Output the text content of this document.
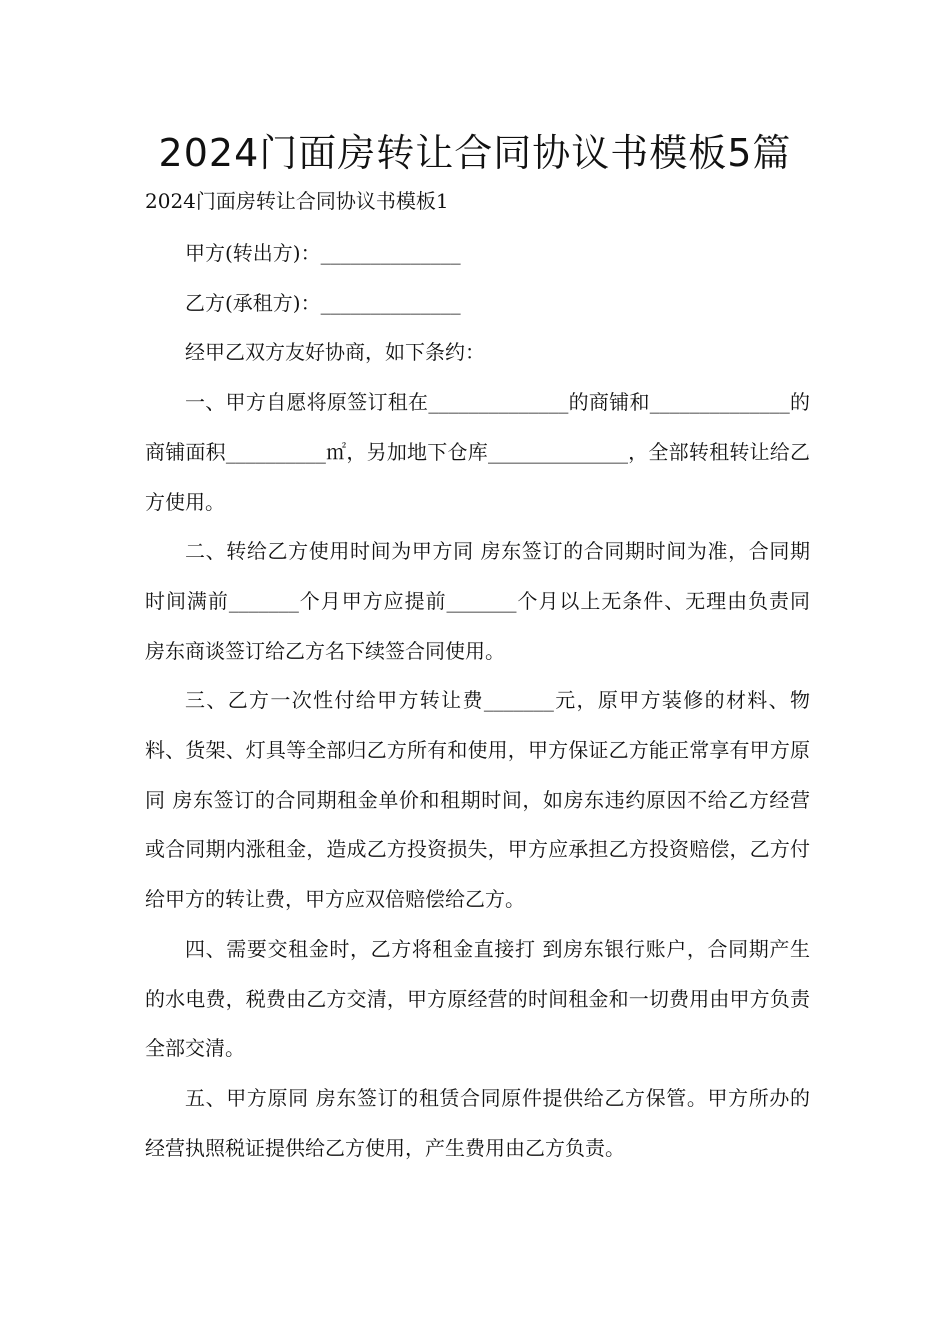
2024门面房转让合同协议书模板5篇

2024门面房转让合同协议书模板1

甲方(转出方)：______________

乙方(承租方)：______________

经甲乙双方友好协商，如下条约：

一、甲方自愿将原签订租在______________的商铺和______________的商铺面积__________㎡，另加地下仓库______________，全部转租转让给乙方使用。

二、转给乙方使用时间为甲方同 房东签订的合同期时间为准，合同期时间满前_______个月甲方应提前_______个月以上无条件、无理由负责同 房东商谈签订给乙方名下续签合同使用。

三、乙方一次性付给甲方转让费_______元，原甲方装修的材料、物料、货架、灯具等全部归乙方所有和使用，甲方保证乙方能正常享有甲方原同 房东签订的合同期租金单价和租期时间，如房东违约原因不给乙方经营或合同期内涨租金，造成乙方投资损失，甲方应承担乙方投资赔偿，乙方付给甲方的转让费，甲方应双倍赔偿给乙方。

四、需要交租金时，乙方将租金直接打 到房东银行账户，合同期产生的水电费，税费由乙方交清，甲方原经营的时间租金和一切费用由甲方负责全部交清。

五、甲方原同 房东签订的租赁合同原件提供给乙方保管。甲方所办的经营执照税证提供给乙方使用，产生费用由乙方负责。
